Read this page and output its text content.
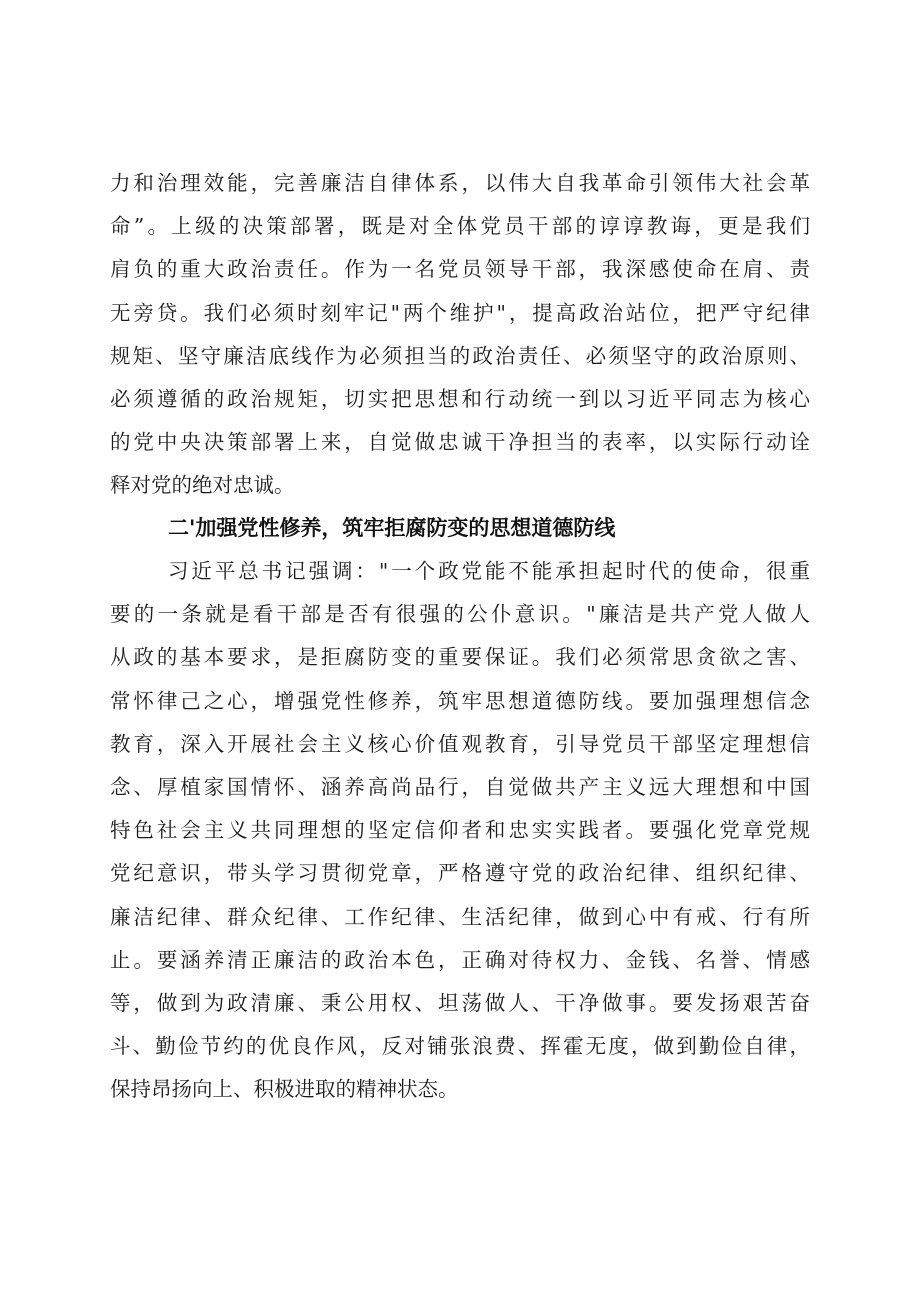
力和治理效能，完善廉洁自律体系，以伟大自我革命引领伟大社会革
命”。上级的决策部署，既是对全体党员干部的谆谆教诲，更是我们
肩负的重大政治责任。作为一名党员领导干部，我深感使命在肩、责
无旁贷。我们必须时刻牢记"两个维护"，提高政治站位，把严守纪律
规矩、坚守廉洁底线作为必须担当的政治责任、必须坚守的政治原则、
必须遵循的政治规矩，切实把思想和行动统一到以习近平同志为核心
的党中央决策部署上来，自觉做忠诚干净担当的表率，以实际行动诠
释对党的绝对忠诚。
二'加强党性修养，筑牢拒腐防变的思想道德防线
习近平总书记强调："一个政党能不能承担起时代的使命，很重
要的一条就是看干部是否有很强的公仆意识。"廉洁是共产党人做人
从政的基本要求，是拒腐防变的重要保证。我们必须常思贪欲之害、
常怀律己之心，增强党性修养，筑牢思想道德防线。要加强理想信念
教育，深入开展社会主义核心价值观教育，引导党员干部坚定理想信
念、厚植家国情怀、涵养高尚品行，自觉做共产主义远大理想和中国
特色社会主义共同理想的坚定信仰者和忠实实践者。要强化党章党规
党纪意识，带头学习贯彻党章，严格遵守党的政治纪律、组织纪律、
廉洁纪律、群众纪律、工作纪律、生活纪律，做到心中有戒、行有所
止。要涵养清正廉洁的政治本色，正确对待权力、金钱、名誉、情感
等，做到为政清廉、秉公用权、坦荡做人、干净做事。要发扬艰苦奋
斗、勤俭节约的优良作风，反对铺张浪费、挥霍无度，做到勤俭自律，
保持昂扬向上、积极进取的精神状态。
